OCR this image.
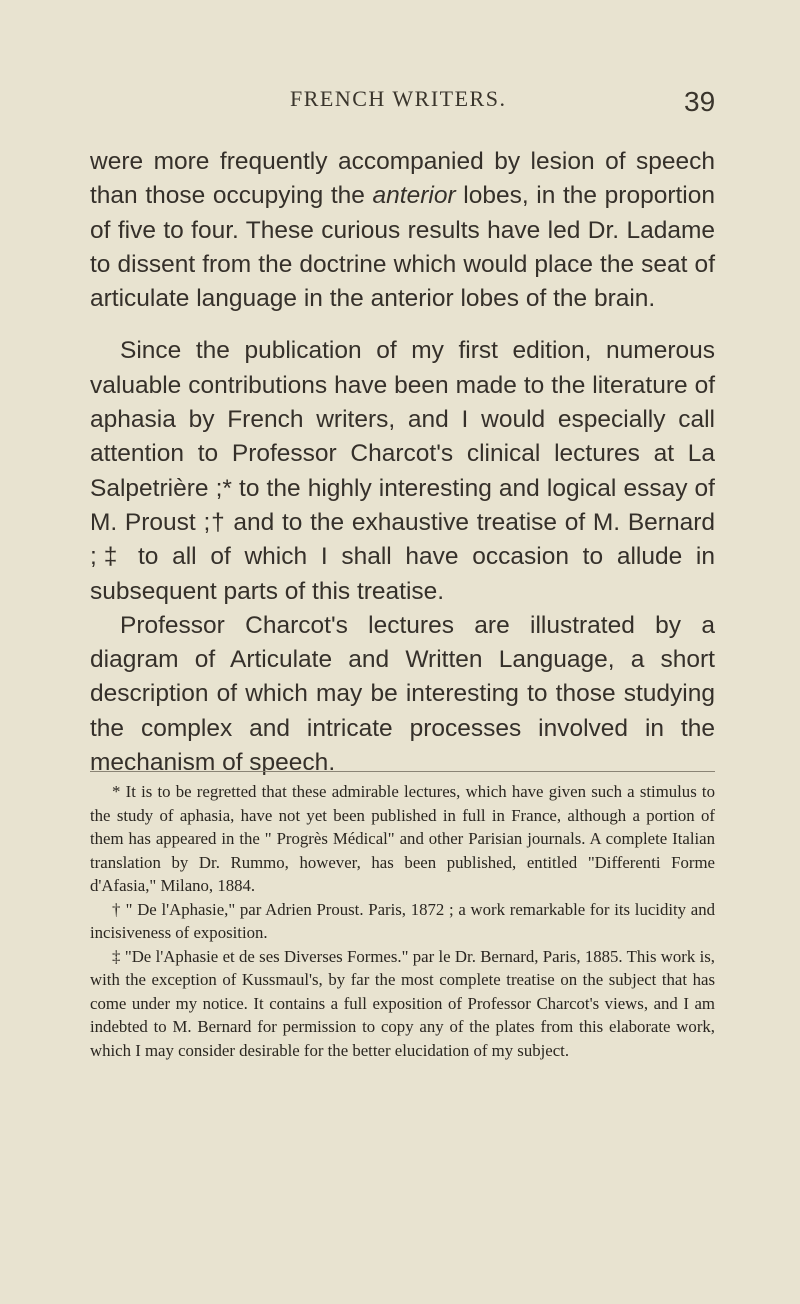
FRENCH WRITERS.	39

were more frequently accompanied by lesion of speech than those occupying the anterior lobes, in the proportion of five to four. These curious results have led Dr. Ladame to dissent from the doctrine which would place the seat of articulate language in the anterior lobes of the brain.

Since the publication of my first edition, numerous valuable contributions have been made to the literature of aphasia by French writers, and I would especially call attention to Professor Charcot's clinical lectures at La Salpetrière ;* to the highly interesting and logical essay of M. Proust ;† and to the exhaustive treatise of M. Bernard ;‡ to all of which I shall have occasion to allude in subsequent parts of this treatise.

Professor Charcot's lectures are illustrated by a diagram of Articulate and Written Language, a short description of which may be interesting to those studying the complex and intricate processes involved in the mechanism of speech.

* It is to be regretted that these admirable lectures, which have given such a stimulus to the study of aphasia, have not yet been published in full in France, although a portion of them has appeared in the " Progrès Médical" and other Parisian journals. A complete Italian translation by Dr. Rummo, however, has been published, entitled "Differenti Forme d'Afasia," Milano, 1884.

† " De l'Aphasie," par Adrien Proust. Paris, 1872 ; a work remarkable for its lucidity and incisiveness of exposition.

‡ "De l'Aphasie et de ses Diverses Formes." par le Dr. Bernard, Paris, 1885. This work is, with the exception of Kussmaul's, by far the most complete treatise on the subject that has come under my notice. It contains a full exposition of Professor Charcot's views, and I am indebted to M. Bernard for permission to copy any of the plates from this elaborate work, which I may consider desirable for the better elucidation of my subject.
